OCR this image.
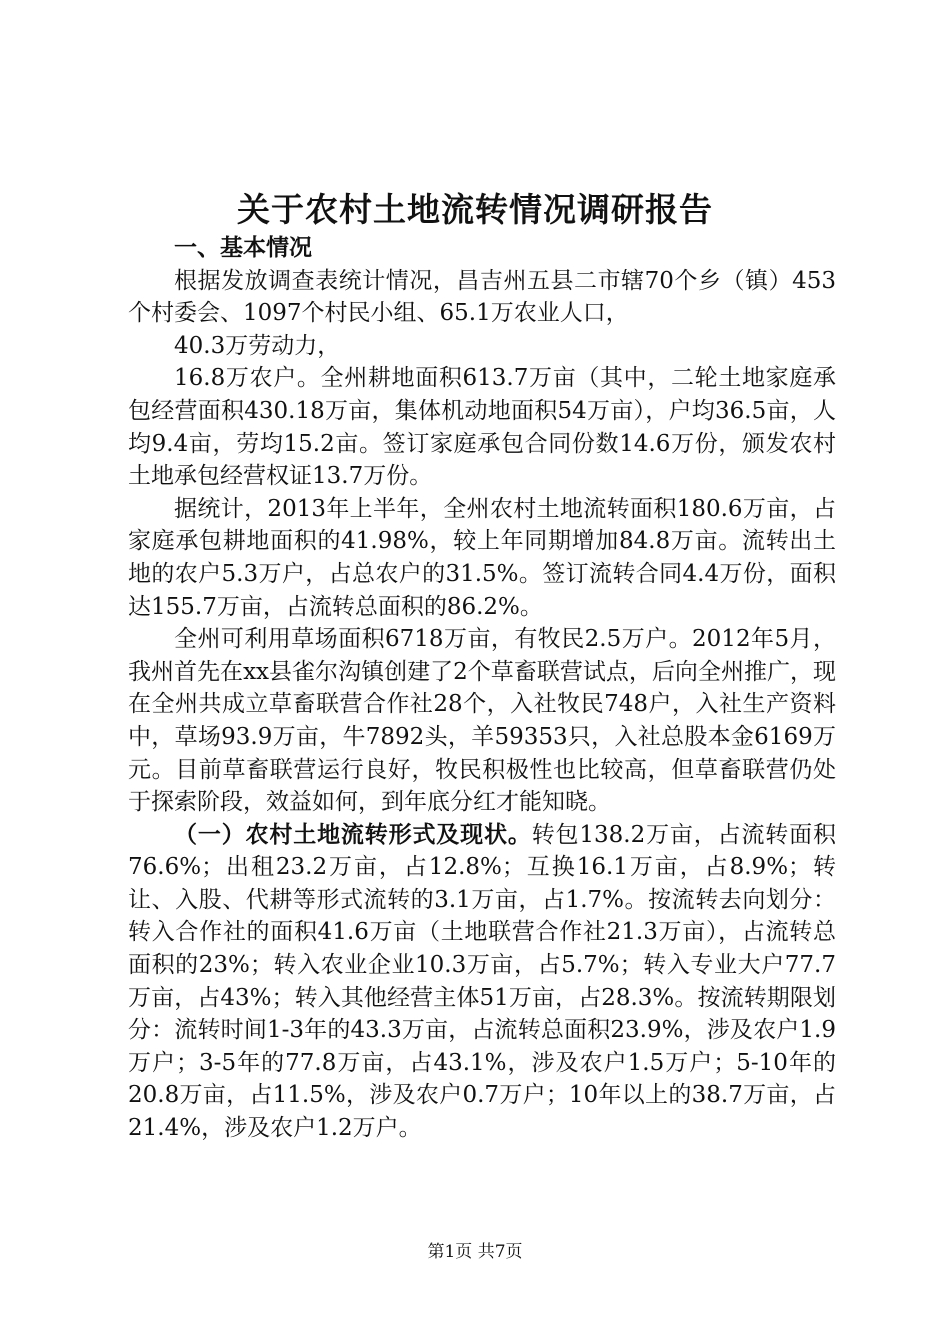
关于农村土地流转情况调研报告
一、基本情况

根据发放调查表统计情况，昌吉州五县二市辖70个乡（镇）453个村委会、1097个村民小组、65.1万农业人口，

40.3万劳动力，

16.8万农户。全州耕地面积613.7万亩（其中，二轮土地家庭承包经营面积430.18万亩，集体机动地面积54万亩），户均36.5亩，人均9.4亩，劳均15.2亩。签订家庭承包合同份数14.6万份，颁发农村土地承包经营权证13.7万份。

据统计，2013年上半年，全州农村土地流转面积180.6万亩，占家庭承包耕地面积的41.98%，较上年同期增加84.8万亩。流转出土地的农户5.3万户，占总农户的31.5%。签订流转合同4.4万份，面积达155.7万亩，占流转总面积的86.2%。

全州可利用草场面积6718万亩，有牧民2.5万户。2012年5月，我州首先在xx县雀尔沟镇创建了2个草畜联营试点，后向全州推广，现在全州共成立草畜联营合作社28个，入社牧民748户，入社生产资料中，草场93.9万亩，牛7892头，羊59353只，入社总股本金6169万元。目前草畜联营运行良好，牧民积极性也比较高，但草畜联营仍处于探索阶段，效益如何，到年底分红才能知晓。

（一）农村土地流转形式及现状。转包138.2万亩，占流转面积76.6%；出租23.2万亩，占12.8%；互换16.1万亩，占8.9%；转让、入股、代耕等形式流转的3.1万亩，占1.7%。按流转去向划分：转入合作社的面积41.6万亩（土地联营合作社21.3万亩），占流转总面积的23%；转入农业企业10.3万亩，占5.7%；转入专业大户77.7万亩，占43%；转入其他经营主体51万亩，占28.3%。按流转期限划分：流转时间1-3年的43.3万亩，占流转总面积23.9%，涉及农户1.9万户；3-5年的77.8万亩，占43.1%，涉及农户1.5万户；5-10年的20.8万亩，占11.5%，涉及农户0.7万户；10年以上的38.7万亩，占21.4%，涉及农户1.2万户。

第1页 共7页
